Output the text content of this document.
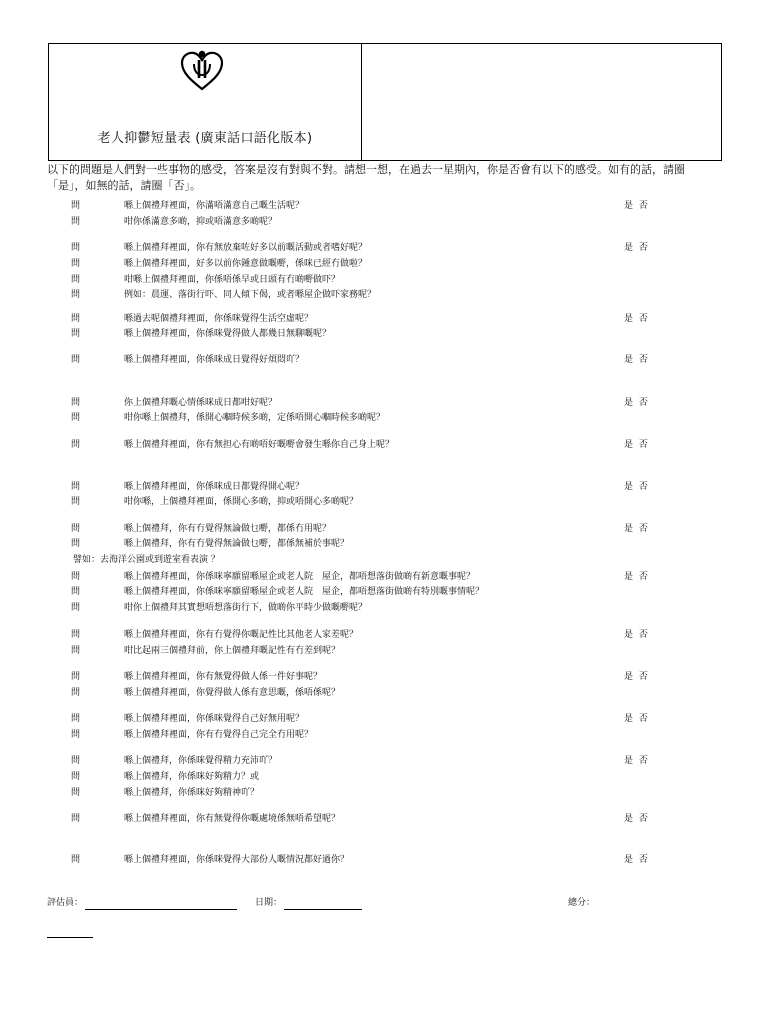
老人抑鬱短量表 (廣東話口語化版本)

以下的問題是人們對一些事物的感受，答案是沒有對與不對。請想一想，在過去一星期內，你是否會有以下的感受。如有的話，請圈「是」，如無的話，請圈「否」。

問	喺上個禮拜裡面，你滿唔滿意自己嘅生活呢？	是 否
問	咁你係滿意多啲，抑或唔滿意多啲呢？
問	喺上個禮拜裡面，你有無放棄咗好多以前嘅活動或者嗜好呢？	是 否
問	喺上個禮拜裡面，好多以前你鍾意做嘅嘢，係咪已經冇做啦？
問	咁喺上個禮拜裡面，你係唔係早或日頭有冇啲嘢做吓？
問	例如：晨運、落街行吓、同人傾下偈，或者喺屋企做吓家務呢？
問	喺過去呢個禮拜裡面，你係咪覺得生活空虛呢？	是 否
問	喺上個禮拜裡面，你係咪覺得做人都幾日無聊嘅呢？
問	喺上個禮拜裡面，你係咪成日覺得好煩悶吖？	是 否
問	你上個禮拜嘅心情係咪成日都咁好呢？	是 否
問	咁你喺上個禮拜，係開心嗰時候多啲，定係唔開心嗰時候多啲呢？
問	喺上個禮拜裡面，你有無担心有啲唔好嘅嘢會發生喺你自己身上呢？	是 否
問	喺上個禮拜裡面，你係咪成日都覺得開心呢？	是 否
問	咁你喺，上個禮拜裡面，係開心多啲，抑或唔開心多啲呢？
問	喺上個禮拜，你有冇覺得無論做乜嘢，都係冇用呢？	是 否
問	喺上個禮拜，你有冇覺得無論做乜嘢，都係無補於事呢？
問	喺上個禮拜裡面，你係咪寧願留喺屋企或老人院　屋企，都唔想落街做啲有新意嘅事呢？	是 否
問	喺上個禮拜裡面，你係咪寧願留喺屋企或老人院　屋企，都唔想落街做啲有特別嘅事情呢？
問	咁你上個禮拜其實想唔想落街行下，做啲你平時少做嘅嘢呢？
問	喺上個禮拜裡面，你有冇覺得你嘅記性比其他老人家差呢？	是 否
問	咁比起兩三個禮拜前，你上個禮拜嘅記性有冇差到呢？
問	喺上個禮拜裡面，你有無覺得做人係一件好事呢？	是 否
問	喺上個禮拜裡面，你覺得做人係有意思嘅，係唔係呢？
問	喺上個禮拜裡面，你係咪覺得自己好無用呢？	是 否
問	喺上個禮拜裡面，你有冇覺得自己完全冇用呢？
問	喺上個禮拜，你係咪覺得精力充沛吖？	是 否
問	喺上個禮拜，你係咪好夠精力？或
問	喺上個禮拜，你係咪好夠精神吖？
問	喺上個禮拜裡面，你有無覺得你嘅處境係無唔希望呢？	是 否
問	喺上個禮拜裡面，你係咪覺得大部份人嘅情況都好過你？	是 否
譬如：去海洋公園或到遊室看表演 ？
評估員：	日期：	總分：
